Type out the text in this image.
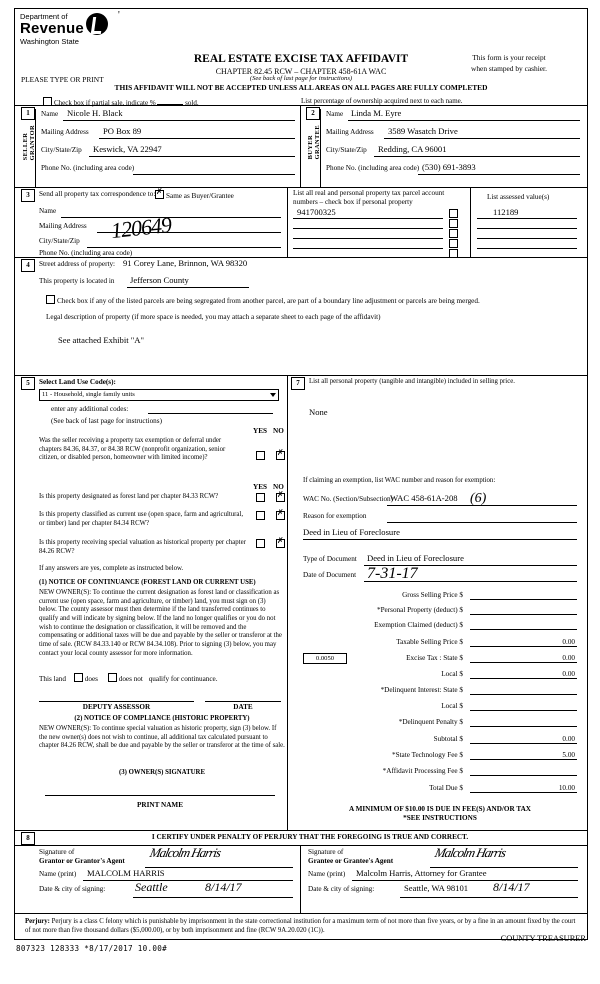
Department of
Revenue
Washington State
'
REAL ESTATE EXCISE TAX AFFIDAVIT
CHAPTER 82.45 RCW – CHAPTER 458-61A WAC
This form is your receipt
when stamped by cashier.
PLEASE TYPE OR PRINT	(See back of last page for instructions)
THIS AFFIDAVIT WILL NOT BE ACCEPTED UNLESS ALL AREAS ON ALL PAGES ARE FULLY COMPLETED
Check box if partial sale, indicate %	sold.	List percentage of ownership acquired next to each name.
1
SELLER
GRANTOR
2
BUYER
GRANTEE
Name Nicole H. Black
Mailing Address PO Box 89
City/State/Zip Keswick, VA 22947
Phone No. (including area code)
Name Linda M. Eyre
Mailing Address 3589 Wasatch Drive
City/State/Zip Redding, CA 96001
Phone No. (including area code) (530) 691-3893
3	Send all property tax correspondence to: ✗	Same as Buyer/Grantee
Name
Mailing Address
City/State/Zip
Phone No. (including area code)
List all real and personal property tax parcel account
numbers – check box if personal property
List assessed value(s)
941700325	112189
120649
4	Street address of property: 91 Corey Lane, Brinnon, WA 98320
This property is located in Jefferson County
Check box if any of the listed parcels are being segregated from another parcel, are part of a boundary line adjustment or parcels are being merged.
Legal description of property (if more space is needed, you may attach a separate sheet to each page of the affidavit)
See attached Exhibit "A"
5	Select Land Use Code(s):
11 - Household, single family units
enter any additional codes:
(See back of last page for instructions)
YES NO
Was the seller receiving a property tax exemption or deferral under chapters 84.36, 84.37, or 84.38 RCW (nonprofit organization, senior citizen, or disabled person, homeowner with limited income)?
✗
YES NO
Is this property designated as forest land per chapter 84.33 RCW?
✗
Is this property classified as current use (open space, farm and agricultural, or timber) land per chapter 84.34 RCW?
✗
Is this property receiving special valuation as historical property per chapter 84.26 RCW?
✗
If any answers are yes, complete as instructed below.
(1) NOTICE OF CONTINUANCE (FOREST LAND OR CURRENT USE)
NEW OWNER(S): To continue the current designation as forest land or classification as current use (open space, farm and agriculture, or timber) land, you must sign on (3) below. The county assessor must then determine if the land transferred continues to qualify and will indicate by signing below. If the land no longer qualifies or you do not wish to continue the designation or classification, it will be removed and the compensating or additional taxes will be due and payable by the seller or transferor at the time of sale. (RCW 84.33.140 or RCW 84.34.108). Prior to signing (3) below, you may contact your local county assessor for more information.
This land	does	does not qualify for continuance.
DEPUTY ASSESSOR	DATE
(2) NOTICE OF COMPLIANCE (HISTORIC PROPERTY)
NEW OWNER(S): To continue special valuation as historic property, sign (3) below. If the new owner(s) does not wish to continue, all additional tax calculated pursuant to chapter 84.26 RCW, shall be due and payable by the seller or transferor at the time of sale.
(3) OWNER(S) SIGNATURE
PRINT NAME
7	List all personal property (tangible and intangible) included in selling price.
None
If claiming an exemption, list WAC number and reason for exemption:
WAC No. (Section/Subsection)
WAC 458-61A-208 (6)
Reason for exemption
Deed in Lieu of Foreclosure
Type of Document Deed in Lieu of Foreclosure
Date of Document 7-31-17
Gross Selling Price $
*Personal Property (deduct) $
Exemption Claimed (deduct) $
Taxable Selling Price $	0.00
Excise Tax : State $	0.00
0.0050
Local $	0.00
*Delinquent Interest: State $
Local $
*Delinquent Penalty $
Subtotal $	0.00
*State Technology Fee $	5.00
*Affidavit Processing Fee $
Total Due $	10.00
A MINIMUM OF $10.00 IS DUE IN FEE(S) AND/OR TAX
*SEE INSTRUCTIONS
8	I CERTIFY UNDER PENALTY OF PERJURY THAT THE FOREGOING IS TRUE AND CORRECT.
Signature of
Grantor or Grantor's Agent
Malcolm Harris
Name (print) MALCOLM HARRIS
Date & city of signing: Seattle	8/14/17
Signature of
Grantee or Grantee's Agent
Malcolm Harris
Name (print) Malcolm Harris, Attorney for Grantee
Date & city of signing:	Seattle, WA 98101 8/14/17
Perjury: Perjury is a class C felony which is punishable by imprisonment in the state correctional institution for a maximum term of not more than five years, or by a fine in an amount fixed by the court of not more than five thousand dollars ($5,000.00), or by both imprisonment and fine (RCW 9A.20.020 (1C)).
COUNTY TREASURER
807323 128333 *8/17/2017 10.00#
